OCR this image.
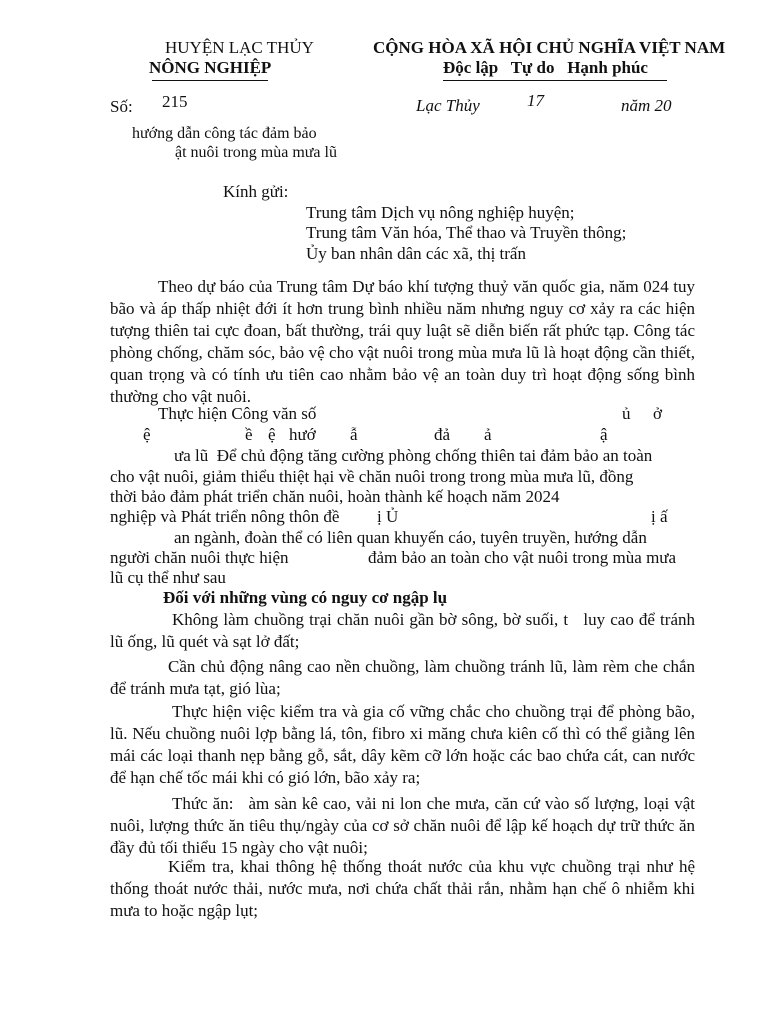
HUYỆN LẠC THỦY
NÔNG NGHIỆP
CỘNG HÒA XÃ HỘI CHỦ NGHĨA VIỆT NAM
Độc lập   Tự do   Hạnh phúc
Số: 215	Lạc Thủy	17	năm 20
hướng dẫn công tác đảm bảo
ật nuôi trong mùa mưa lũ
Kính gửi:
Trung tâm Dịch vụ nông nghiệp huyện;
Trung tâm Văn hóa, Thể thao và Truyền thông;
Ủy ban nhân dân các xã, thị trấn
Theo dự báo của Trung tâm Dự báo khí tượng thuỷ văn quốc gia, năm 024 tuy bão và áp thấp nhiệt đới ít hơn trung bình nhiều năm nhưng nguy cơ xảy ra các hiện tượng thiên tai cực đoan, bất thường, trái quy luật sẽ diễn biến rất phức tạp. Công tác phòng chống, chăm sóc, bảo vệ cho vật nuôi trong mùa mưa lũ là hoạt động cần thiết, quan trọng và có tính ưu tiên cao nhằm bảo vệ an toàn duy trì hoạt động sống bình thường cho vật nuôi.
Thực hiện Công văn số	ủ ở
ệ	ề ệ hướ ẫ	đả ả	ậ
ưa lũ  Để chủ động tăng cường phòng chống thiên tai đảm bảo an toàn
cho vật nuôi, giảm thiểu thiệt hại về chăn nuôi trong trong mùa mưa lũ, đồng
thời bảo đảm phát triển chăn nuôi, hoàn thành kế hoạch năm 2024
nghiệp và Phát triển nông thôn đề ị Ủ	ị ấ
an ngành, đoàn thể có liên quan khuyến cáo, tuyên truyền, hướng dẫn
người chăn nuôi thực hiện	đảm bảo an toàn cho vật nuôi trong mùa mưa
lũ cụ thể như sau
Đối với những vùng có nguy cơ ngập lụ
Không làm chuồng trại chăn nuôi gần bờ sông, bờ suối, t   luy cao để tránh lũ ống, lũ quét và sạt lở đất;
Cần chủ động nâng cao nền chuồng, làm chuồng tránh lũ, làm rèm che chắn để tránh mưa tạt, gió lùa;
Thực hiện việc kiểm tra và gia cố vững chắc cho chuồng trại để phòng bão, lũ. Nếu chuồng nuôi lợp bằng lá, tôn, fibro xi măng chưa kiên cố thì có thể giằng lên mái các loại thanh nẹp bằng gỗ, sắt, dây kẽm cỡ lớn hoặc các bao chứa cát, can nước để hạn chế tốc mái khi có gió lớn, bão xảy ra;
Thức ăn:   àm sàn kê cao, vải ni lon che mưa, căn cứ vào số lượng, loại vật nuôi, lượng thức ăn tiêu thụ/ngày của cơ sở chăn nuôi để lập kế hoạch dự trữ thức ăn đầy đủ tối thiểu 15 ngày cho vật nuôi;
Kiểm tra, khai thông hệ thống thoát nước của khu vực chuồng trại như hệ thống thoát nước thải, nước mưa, nơi chứa chất thải rắn, nhằm hạn chế ô nhiễm khi mưa to hoặc ngập lụt;
